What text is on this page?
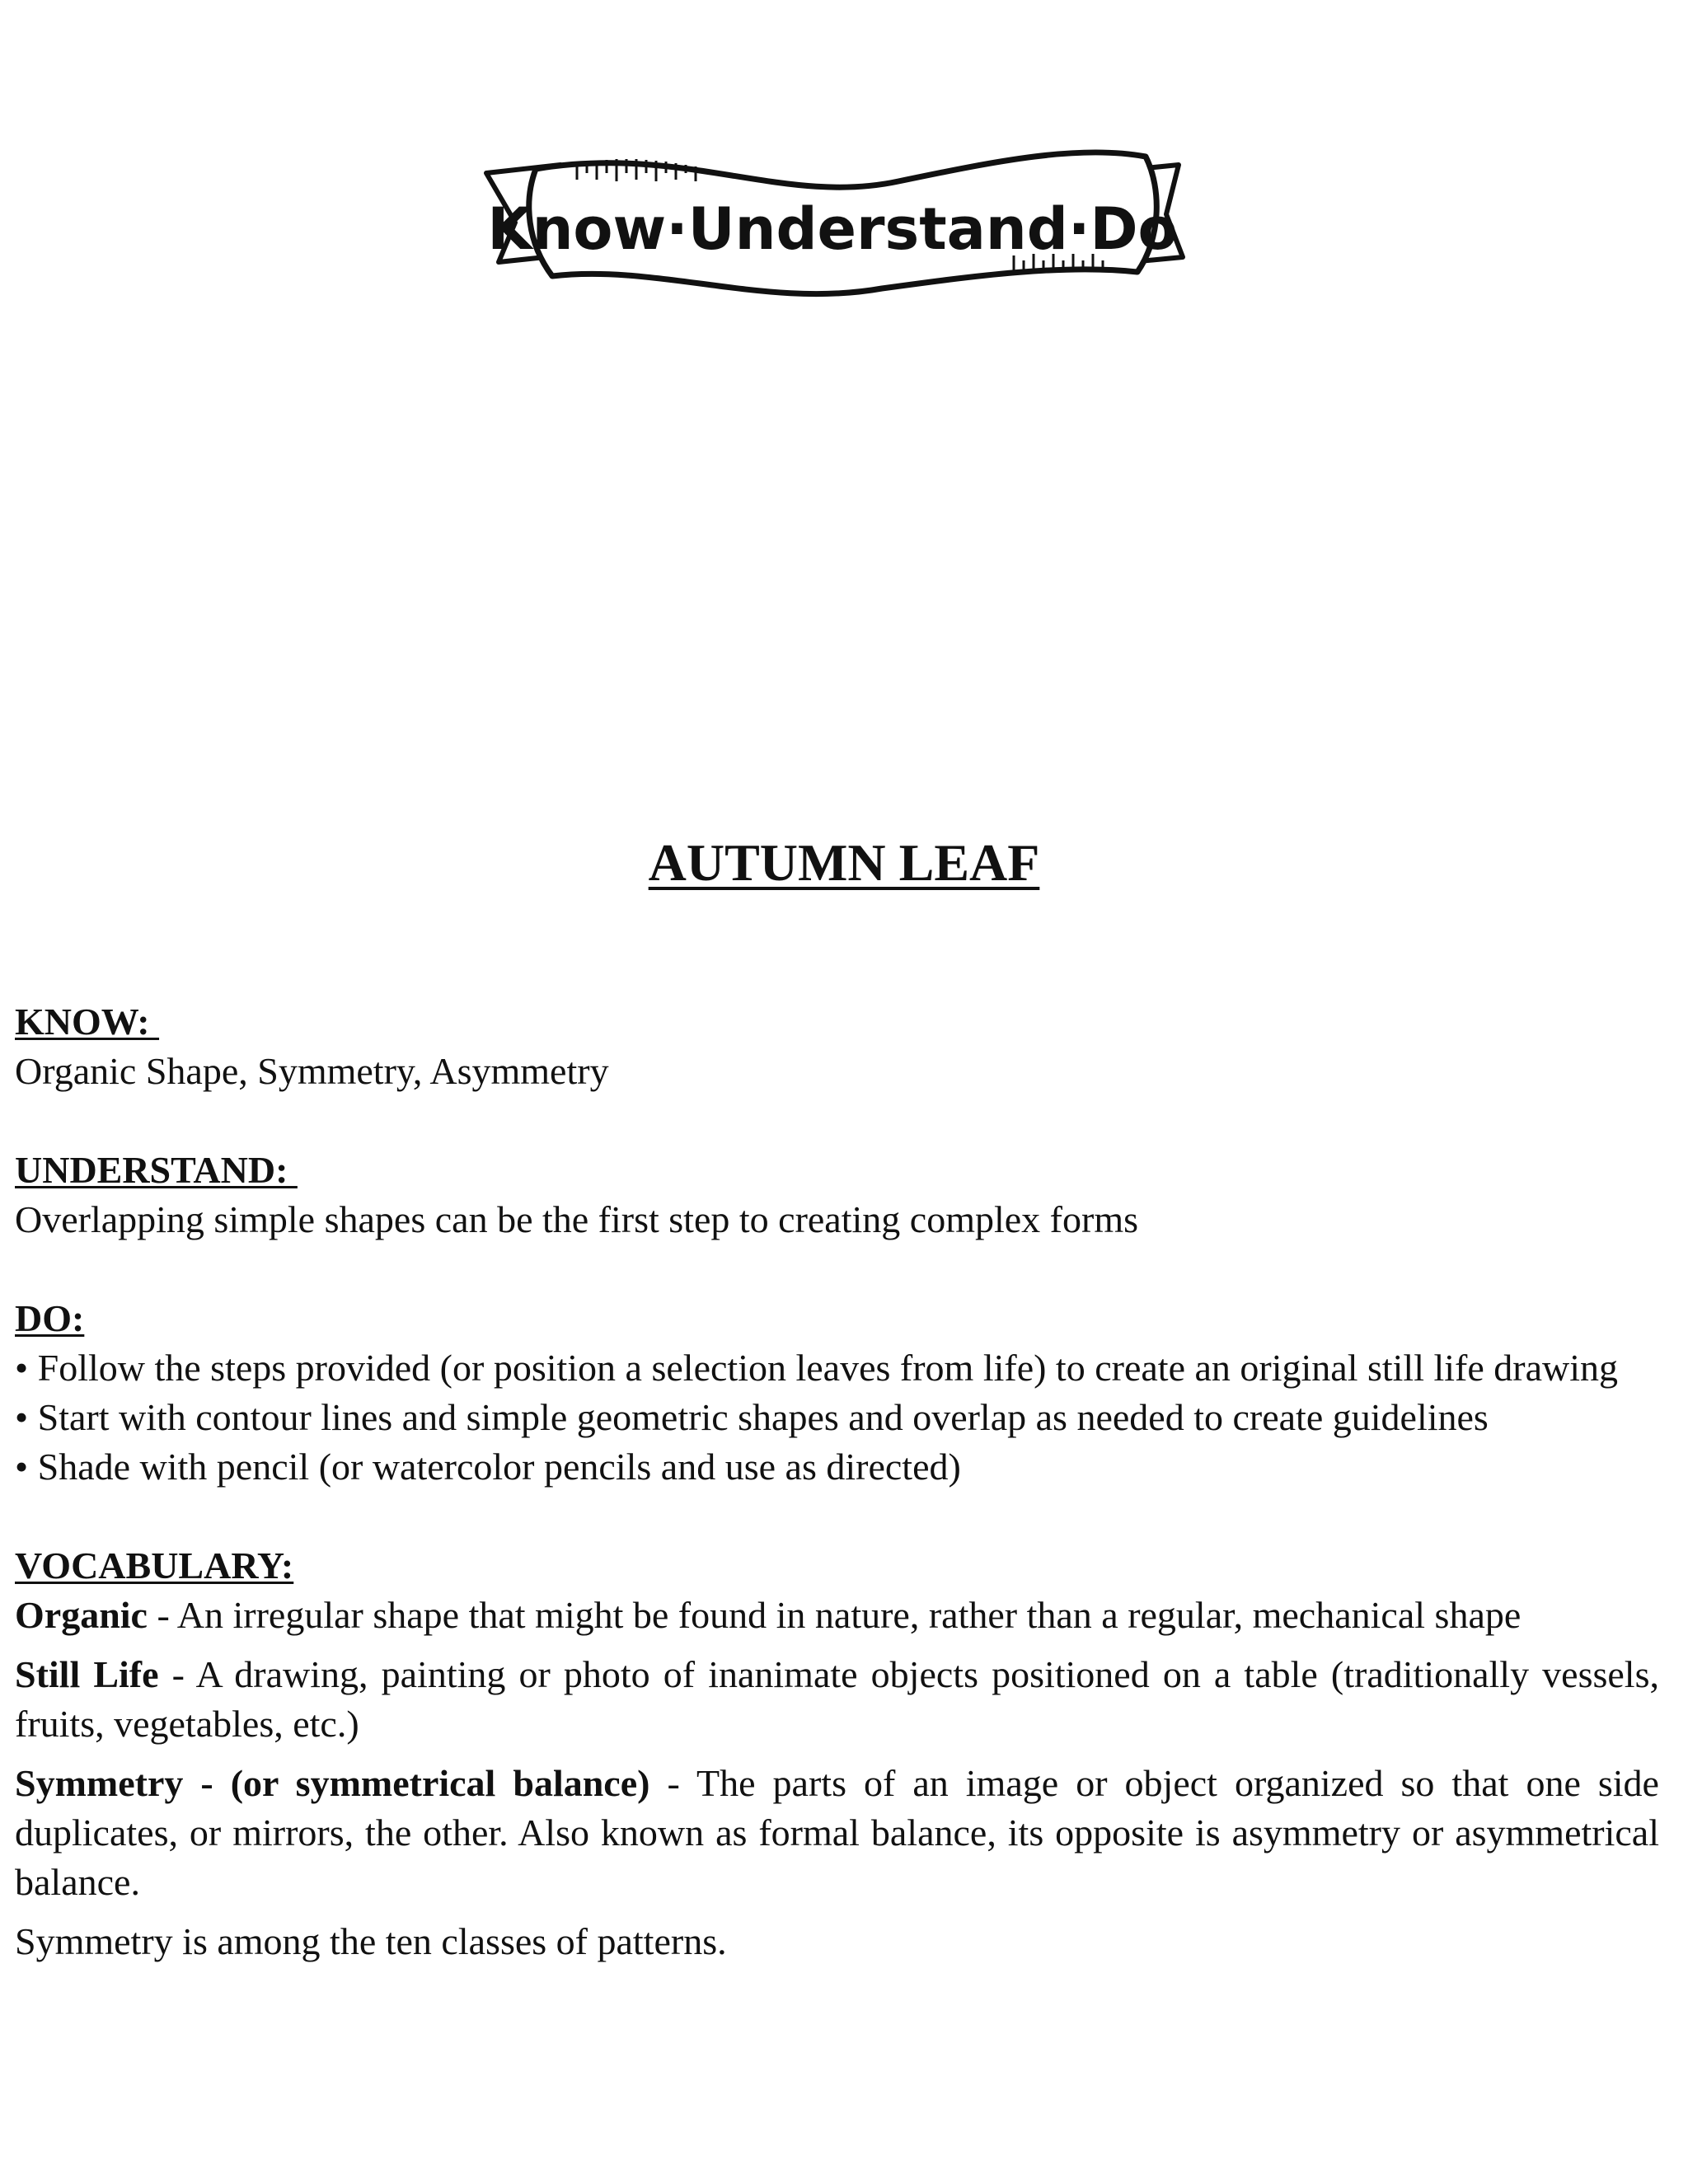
Know·Understand·Do
AUTUMN LEAF
KNOW:
Organic Shape, Symmetry, Asymmetry
UNDERSTAND:
Overlapping simple shapes can be the first step to creating complex forms
DO:
• Follow the steps provided (or position a selection leaves from life) to create an original still life drawing
• Start with contour lines and simple geometric shapes and overlap as needed to create guidelines
• Shade with pencil (or watercolor pencils and use as directed)
VOCABULARY:
Organic - An irregular shape that might be found in nature, rather than a regular, mechanical shape
Still Life - A drawing, painting or photo of inanimate objects positioned on a table (traditionally vessels, fruits, vegetables, etc.)
Symmetry - (or symmetrical balance) - The parts of an image or object organized so that one side duplicates, or mirrors, the other. Also known as formal balance, its opposite is asymmetry or asymmetrical balance.
Symmetry is among the ten classes of patterns.
